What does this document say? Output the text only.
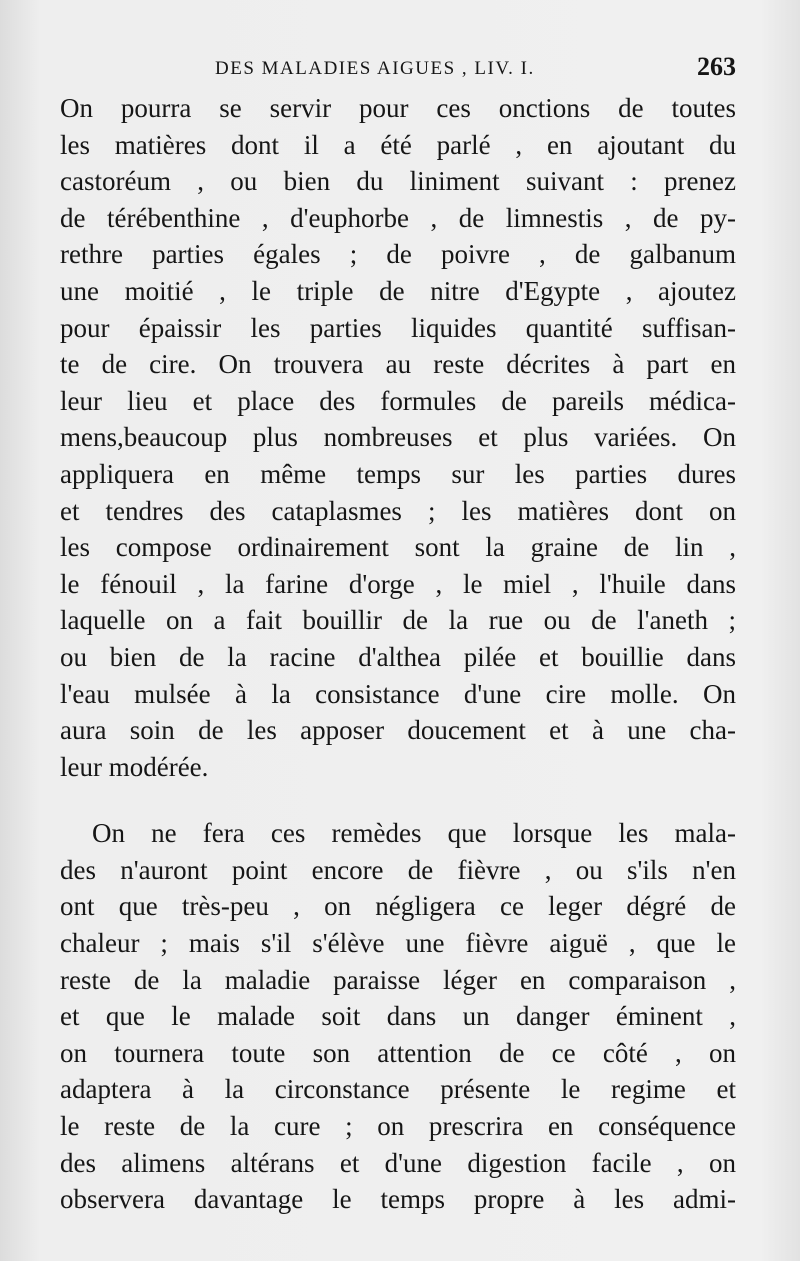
DES MALADIES AIGUES , LIV. I.	263
On pourra se servir pour ces onctions de toutes
les matières dont il a été parlé , en ajoutant du
castoréum , ou bien du liniment suivant : prenez
de térébenthine , d'euphorbe , de limnestis , de py-
rethre parties égales ; de poivre , de galbanum
une moitié , le triple de nitre d'Egypte , ajoutez
pour épaissir les parties liquides quantité suffisan-
te de cire. On trouvera au reste décrites à part en
leur lieu et place des formules de pareils médica-
mens,beaucoup plus nombreuses et plus variées. On
appliquera en même temps sur les parties dures
et tendres des cataplasmes ; les matières dont on
les compose ordinairement sont la graine de lin ,
le fénouil , la farine d'orge , le miel , l'huile dans
laquelle on a fait bouillir de la rue ou de l'aneth ;
ou bien de la racine d'althea pilée et bouillie dans
l'eau mulsée à la consistance d'une cire molle. On
aura soin de les apposer doucement et à une cha-
leur modérée.
On ne fera ces remèdes que lorsque les mala-
des n'auront point encore de fièvre , ou s'ils n'en
ont que très-peu , on négligera ce leger dégré de
chaleur ; mais s'il s'élève une fièvre aiguë , que le
reste de la maladie paraisse léger en comparaison ,
et que le malade soit dans un danger éminent ,
on tournera toute son attention de ce côté , on
adaptera à la circonstance présente le regime et
le reste de la cure ; on prescrira en conséquence
des alimens altérans et d'une digestion facile , on
observera davantage le temps propre à les admi-
